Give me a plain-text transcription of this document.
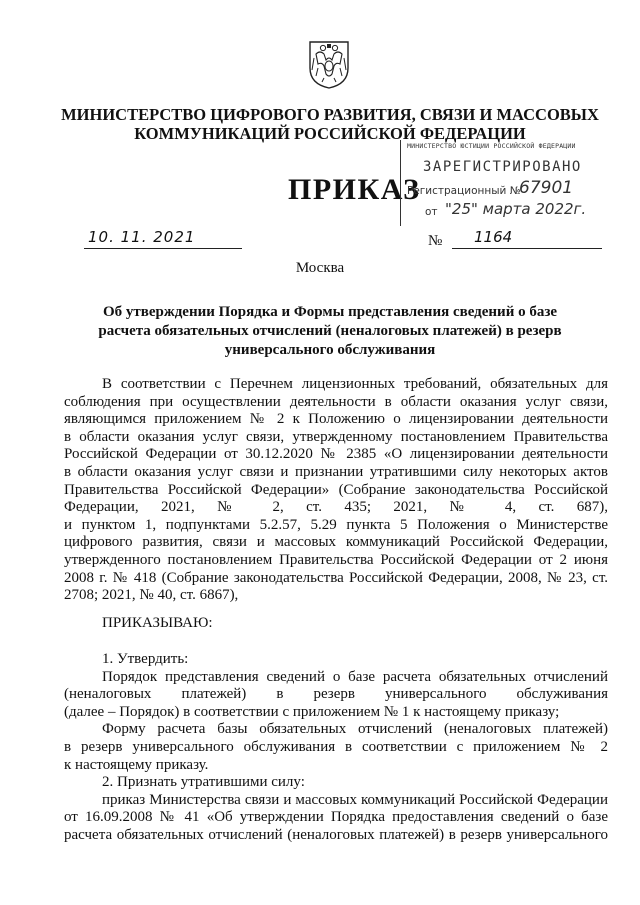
МИНИСТЕРСТВО ЦИФРОВОГО РАЗВИТИЯ, СВЯЗИ И МАССОВЫХ
КОММУНИКАЦИЙ РОССИЙСКОЙ ФЕДЕРАЦИИ
ПРИКАЗ
МИНИСТЕРСТВО ЮСТИЦИИ РОССИЙСКОЙ ФЕДЕРАЦИИ
ЗАРЕГИСТРИРОВАНО
Регистрационный №
67901
от "25" марта 2022г.
10. 11. 2021	№ 1164
Москва
Об утверждении Порядка и Формы представления сведений о базе
расчета обязательных отчислений (неналоговых платежей) в резерв
универсального обслуживания

В соответствии с Перечнем лицензионных требований, обязательных для

соблюдения при осуществлении деятельности в области оказания услуг связи,

являющимся приложением № 2 к Положению о лицензировании деятельности

в области оказания услуг связи, утвержденному постановлением Правительства

Российской Федерации от 30.12.2020 № 2385 «О лицензировании деятельности

в области оказания услуг связи и признании утратившими силу некоторых актов

Правительства Российской Федерации» (Собрание законодательства Российской

Федерации, 2021, № 2, ст. 435; 2021, № 4, ст. 687),

и пунктом 1, подпунктами 5.2.57, 5.29 пункта 5 Положения о Министерстве

цифрового развития, связи и массовых коммуникаций Российской Федерации,

утвержденного постановлением Правительства Российской Федерации от 2 июня

2008 г. № 418 (Собрание законодательства Российской Федерации, 2008, № 23, ст.

2708; 2021, № 40, ст. 6867),

ПРИКАЗЫВАЮ:

1. Утвердить:

Порядок представления сведений о базе расчета обязательных отчислений

(неналоговых платежей) в резерв универсального обслуживания

(далее – Порядок) в соответствии с приложением № 1 к настоящему приказу;

Форму расчета базы обязательных отчислений (неналоговых платежей)

в резерв универсального обслуживания в соответствии с приложением № 2

к настоящему приказу.

2. Признать утратившими силу:

приказ Министерства связи и массовых коммуникаций Российской Федерации

от 16.09.2008 № 41 «Об утверждении Порядка предоставления сведений о базе

расчета обязательных отчислений (неналоговых платежей) в резерв универсального
